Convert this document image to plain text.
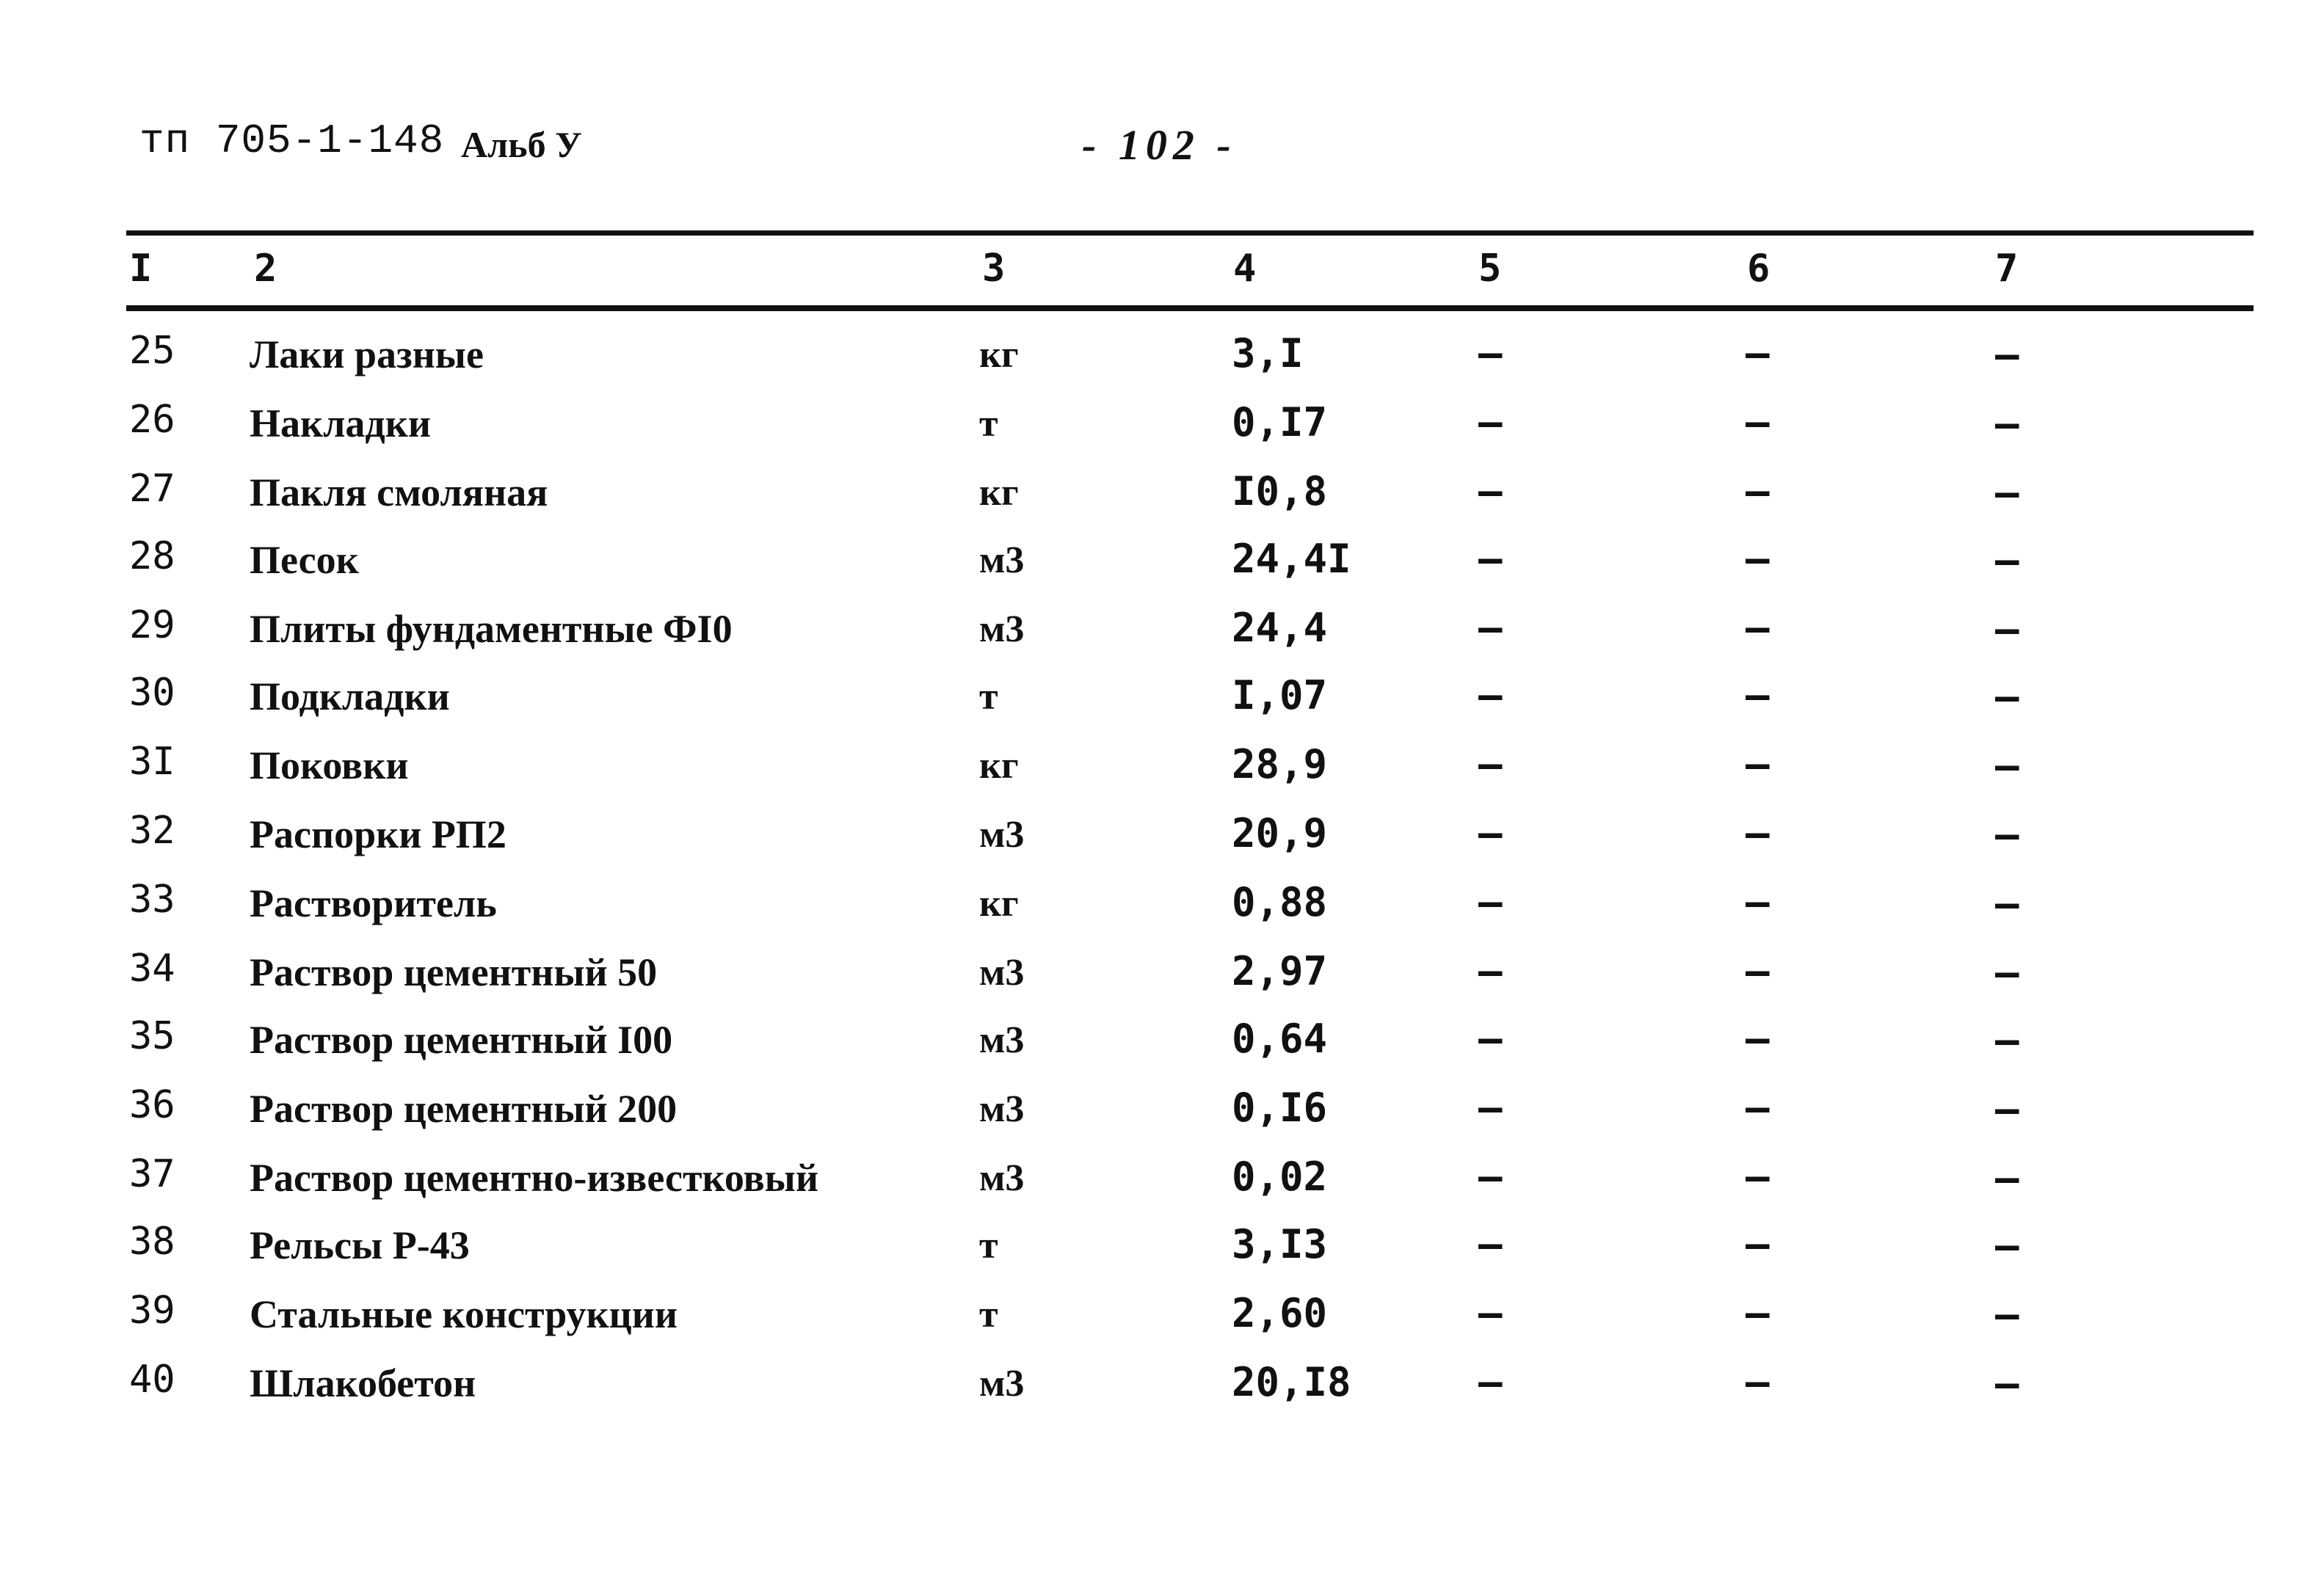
тп 705-1-148 Альб У	- 102 -
I	2	3	4	5	6	7
25 Лаки разные	кг	3,I	–	–	–
26 Накладки	т	0,I7	–	–	–
27 Пакля смоляная	кг	I0,8	–	–	–
28 Песок	м3	24,4I	–	–	–
29 Плиты фундаментные ФI0	м3	24,4	–	–	–
30 Подкладки	т	I,07	–	–	–
3I Поковки	кг	28,9	–	–	–
32 Распорки РП2	м3	20,9	–	–	–
33 Растворитель	кг	0,88	–	–	–
34 Раствор цементный 50	м3	2,97	–	–	–
35 Раствор цементный I00	м3	0,64	–	–	–
36 Раствор цементный 200	м3	0,I6	–	–	–
37 Раствор цементно-известковый	м3	0,02	–	–	–
38 Рельсы Р-43	т	3,I3	–	–	–
39 Стальные конструкции	т	2,60	–	–	–
40 Шлакобетон	м3	20,I8	–	–	–
